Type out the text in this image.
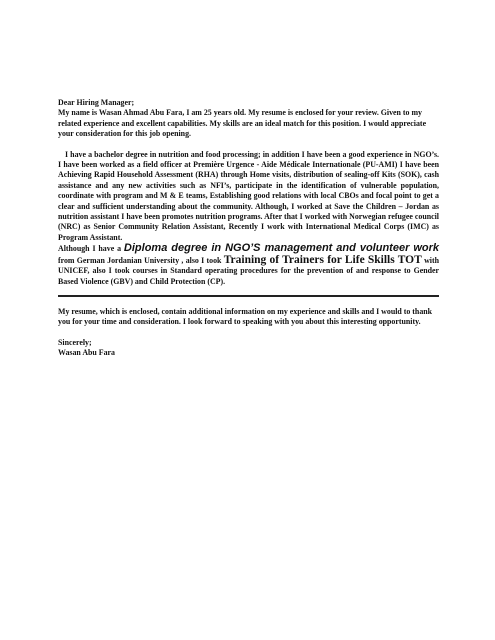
Dear Hiring Manager;
My name is Wasan Ahmad Abu Fara, I am 25 years old. My resume is enclosed for your review. Given to my related experience and excellent capabilities. My skills are an ideal match for this position. I would appreciate your consideration for this job opening.

I have a bachelor degree in nutrition and food processing; in addition I have been a good experience in NGO’s. I have been worked as a field officer at Première Urgence - Aide Médicale Internationale (PU-AMI) I have been Achieving Rapid Household Assessment (RHA) through Home visits, distribution of sealing-off Kits (SOK), cash assistance and any new activities such as NFI’s, participate in the identification of vulnerable population, coordinate with program and M & E teams, Establishing good relations with local CBOs and focal point to get a clear and sufficient understanding about the community. Although, I worked at Save the Children – Jordan as nutrition assistant I have been promotes nutrition programs. After that I worked with Norwegian refugee council (NRC) as Senior Community Relation Assistant, Recently I work with International Medical Corps (IMC) as Program Assistant.

Although I have a Diploma degree in NGO’S management and volunteer work from German Jordanian University , also I took Training of Trainers for Life Skills TOT with UNICEF, also I took courses in Standard operating procedures for the prevention of and response to Gender Based Violence (GBV) and Child Protection (CP).

My resume, which is enclosed, contain additional information on my experience and skills and I would to thank you for your time and consideration. I look forward to speaking with you about this interesting opportunity.

Sincerely;

Wasan Abu Fara
